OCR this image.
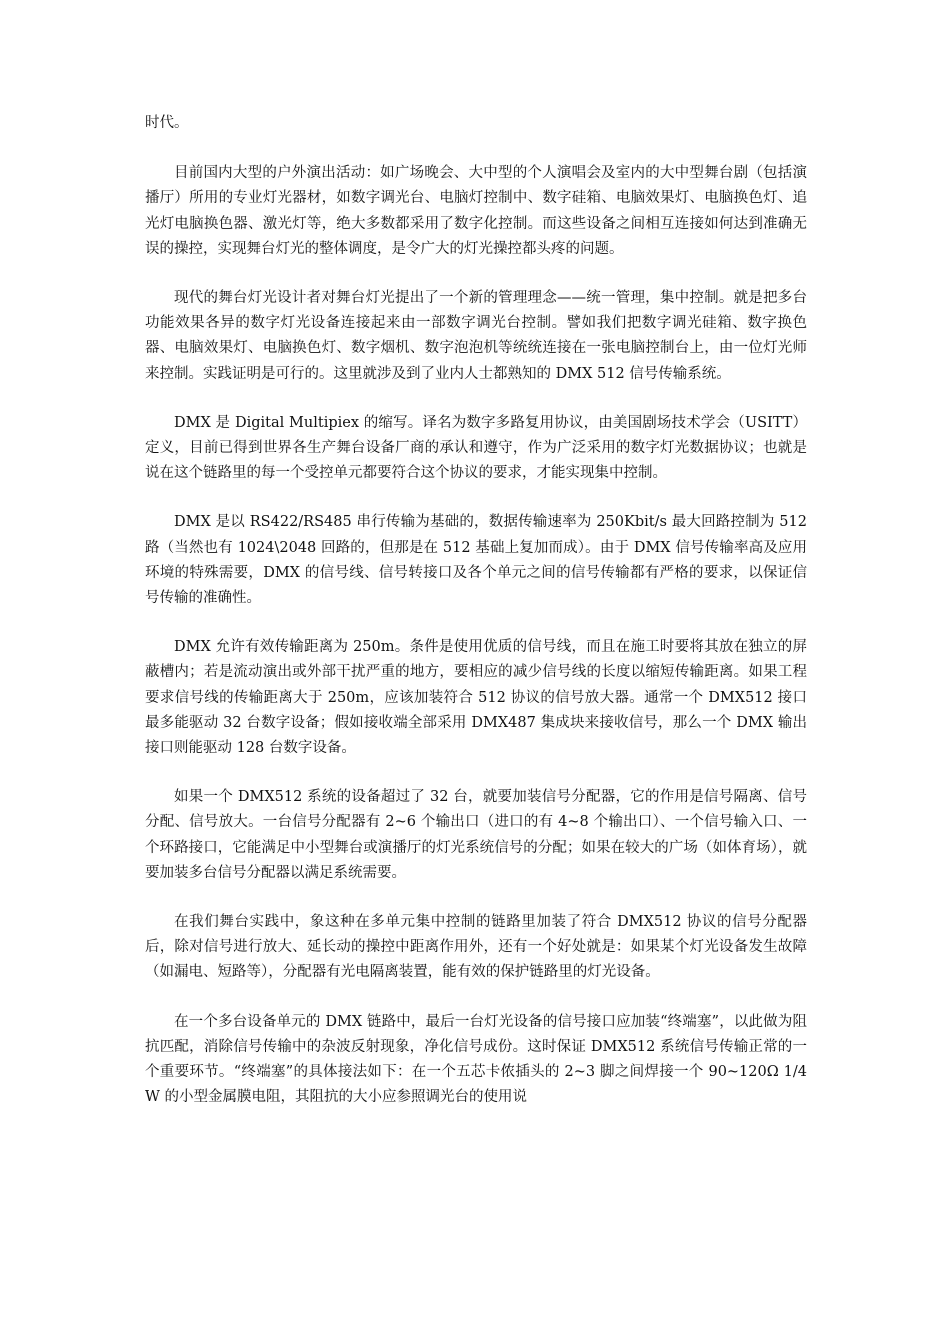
时代。

目前国内大型的户外演出活动：如广场晚会、大中型的个人演唱会及室内的大中型舞台剧（包括演播厅）所用的专业灯光器材，如数字调光台、电脑灯控制中、数字硅箱、电脑效果灯、电脑换色灯、追光灯电脑换色器、激光灯等，绝大多数都采用了数字化控制。而这些设备之间相互连接如何达到准确无误的操控，实现舞台灯光的整体调度，是令广大的灯光操控都头疼的问题。

现代的舞台灯光设计者对舞台灯光提出了一个新的管理理念——统一管理，集中控制。就是把多台功能效果各异的数字灯光设备连接起来由一部数字调光台控制。譬如我们把数字调光硅箱、数字换色器、电脑效果灯、电脑换色灯、数字烟机、数字泡泡机等统统连接在一张电脑控制台上，由一位灯光师来控制。实践证明是可行的。这里就涉及到了业内人士都熟知的 DMX 512 信号传输系统。

DMX 是 Digital Multipiex 的缩写。译名为数字多路复用协议，由美国剧场技术学会（USITT）定义，目前已得到世界各生产舞台设备厂商的承认和遵守，作为广泛采用的数字灯光数据协议；也就是说在这个链路里的每一个受控单元都要符合这个协议的要求，才能实现集中控制。

DMX 是以 RS422/RS485 串行传输为基础的，数据传输速率为 250Kbit/s 最大回路控制为 512 路（当然也有 1024\2048 回路的，但那是在 512 基础上复加而成）。由于 DMX 信号传输率高及应用环境的特殊需要，DMX 的信号线、信号转接口及各个单元之间的信号传输都有严格的要求，以保证信号传输的准确性。

DMX 允许有效传输距离为 250m。条件是使用优质的信号线，而且在施工时要将其放在独立的屏蔽槽内；若是流动演出或外部干扰严重的地方，要相应的减少信号线的长度以缩短传输距离。如果工程要求信号线的传输距离大于 250m，应该加装符合 512 协议的信号放大器。通常一个 DMX512 接口最多能驱动 32 台数字设备；假如接收端全部采用 DMX487 集成块来接收信号，那么一个 DMX 输出接口则能驱动 128 台数字设备。

如果一个 DMX512 系统的设备超过了 32 台，就要加装信号分配器，它的作用是信号隔离、信号分配、信号放大。一台信号分配器有 2~6 个输出口（进口的有 4~8 个输出口）、一个信号输入口、一个环路接口，它能满足中小型舞台或演播厅的灯光系统信号的分配；如果在较大的广场（如体育场），就要加装多台信号分配器以满足系统需要。

在我们舞台实践中，象这种在多单元集中控制的链路里加装了符合 DMX512 协议的信号分配器后，除对信号进行放大、延长动的操控中距离作用外，还有一个好处就是：如果某个灯光设备发生故障（如漏电、短路等），分配器有光电隔离装置，能有效的保护链路里的灯光设备。

在一个多台设备单元的 DMX 链路中，最后一台灯光设备的信号接口应加装“终端塞”，以此做为阻抗匹配，消除信号传输中的杂波反射现象，净化信号成份。这时保证 DMX512 系统信号传输正常的一个重要环节。“终端塞”的具体接法如下：在一个五芯卡侬插头的 2~3 脚之间焊接一个 90~120Ω 1/4 W 的小型金属膜电阻，其阻抗的大小应参照调光台的使用说
